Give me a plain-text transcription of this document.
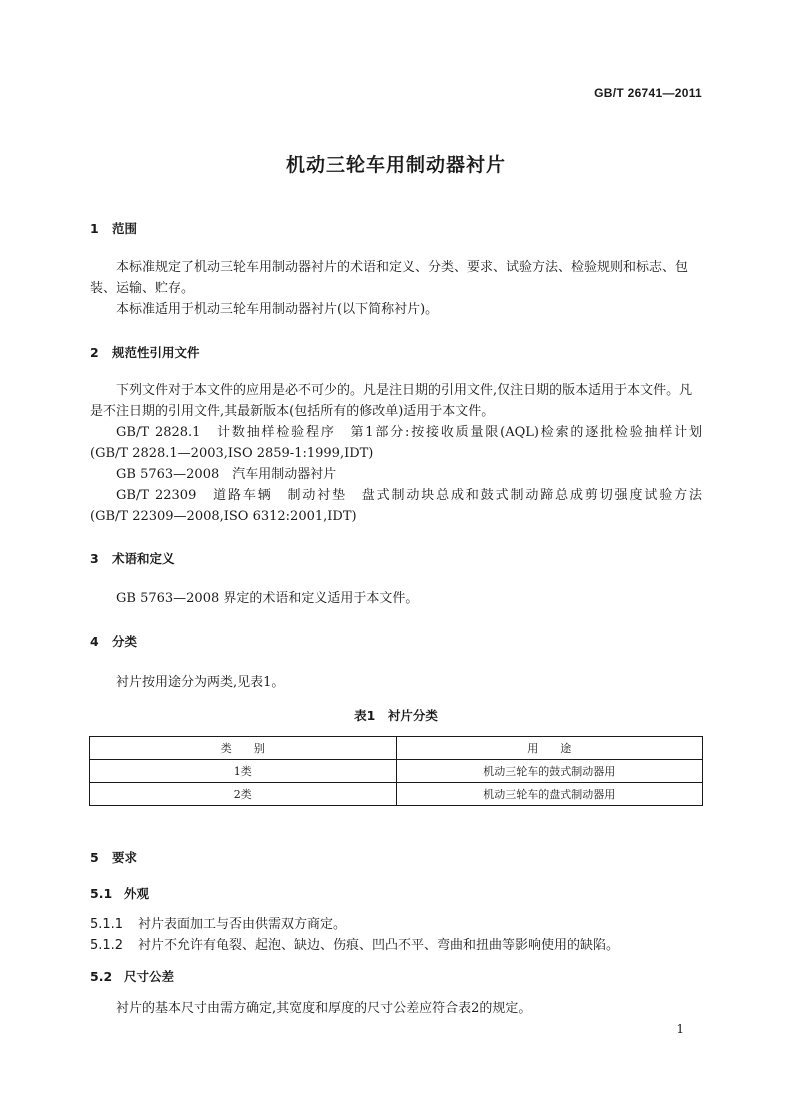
GB/T 26741—2011
机动三轮车用制动器衬片
1 范围
本标准规定了机动三轮车用制动器衬片的术语和定义、分类、要求、试验方法、检验规则和标志、包装、运输、贮存。
本标准适用于机动三轮车用制动器衬片(以下简称衬片)。
2 规范性引用文件
下列文件对于本文件的应用是必不可少的。凡是注日期的引用文件,仅注日期的版本适用于本文件。凡是不注日期的引用文件,其最新版本(包括所有的修改单)适用于本文件。
GB/T 2828.1　计数抽样检验程序　第1部分:按接收质量限(AQL)检索的逐批检验抽样计划
(GB/T 2828.1—2003,ISO 2859-1:1999,IDT)
GB 5763—2008　汽车用制动器衬片
GB/T 22309　道路车辆　制动衬垫　盘式制动块总成和鼓式制动蹄总成剪切强度试验方法
(GB/T 22309—2008,ISO 6312:2001,IDT)
3 术语和定义
GB 5763—2008 界定的术语和定义适用于本文件。
4 分类
衬片按用途分为两类,见表1。
表1　衬片分类
类　　别	用　　途
1类	机动三轮车的鼓式制动器用
2类	机动三轮车的盘式制动器用
5 要求
5.1 外观
5.1.1 衬片表面加工与否由供需双方商定。
5.1.2 衬片不允许有龟裂、起泡、缺边、伤痕、凹凸不平、弯曲和扭曲等影响使用的缺陷。
5.2 尺寸公差
衬片的基本尺寸由需方确定,其宽度和厚度的尺寸公差应符合表2的规定。
1
